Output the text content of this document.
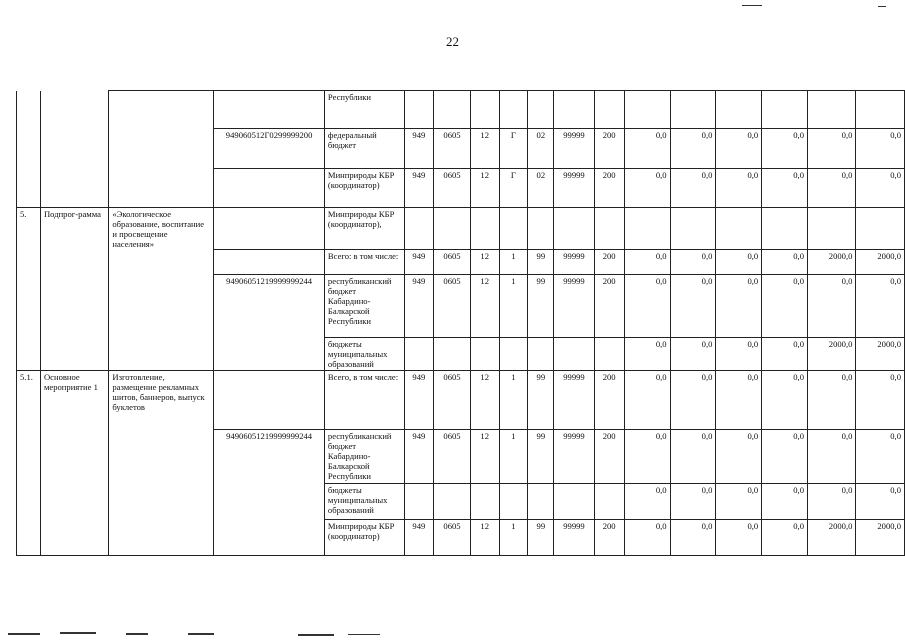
22
				Республики													
			949060512Г0299999200	федеральный бюджет	949	0605	12	Г	02	99999	200	0,0	0,0	0,0	0,0	0,0	0,0
				Минприроды КБР (координатор)	949	0605	12	Г	02	99999	200	0,0	0,0	0,0	0,0	0,0	0,0
5.	Подпрог-рамма	«Экологическое образование, воспитание и просвещение населения»		Минприроды КБР (координатор),													
				Всего: в том числе:	949	0605	12	1	99	99999	200	0,0	0,0	0,0	0,0	2000,0	2000,0
			94906051219999999244	республиканский бюджет Кабардино-Балкарской Республики	949	0605	12	1	99	99999	200	0,0	0,0	0,0	0,0	0,0	0,0
				бюджеты муниципальных образований								0,0	0,0	0,0	0,0	2000,0	2000,0
5.1.	Основное мероприятие 1	Изготовление, размещение рекламных шитов, баннеров, выпуск буклетов		Всего, в том числе:	949	0605	12	1	99	99999	200	0,0	0,0	0,0	0,0	0,0	0,0
			94906051219999999244	республиканский бюджет Кабардино-Балкарской Республики	949	0605	12	1	99	99999	200	0,0	0,0	0,0	0,0	0,0	0,0
				бюджеты муниципальных образований								0,0	0,0	0,0	0,0	0,0	0,0
				Минприроды КБР (координатор)	949	0605	12	1	99	99999	200	0,0	0,0	0,0	0,0	2000,0	2000,0
